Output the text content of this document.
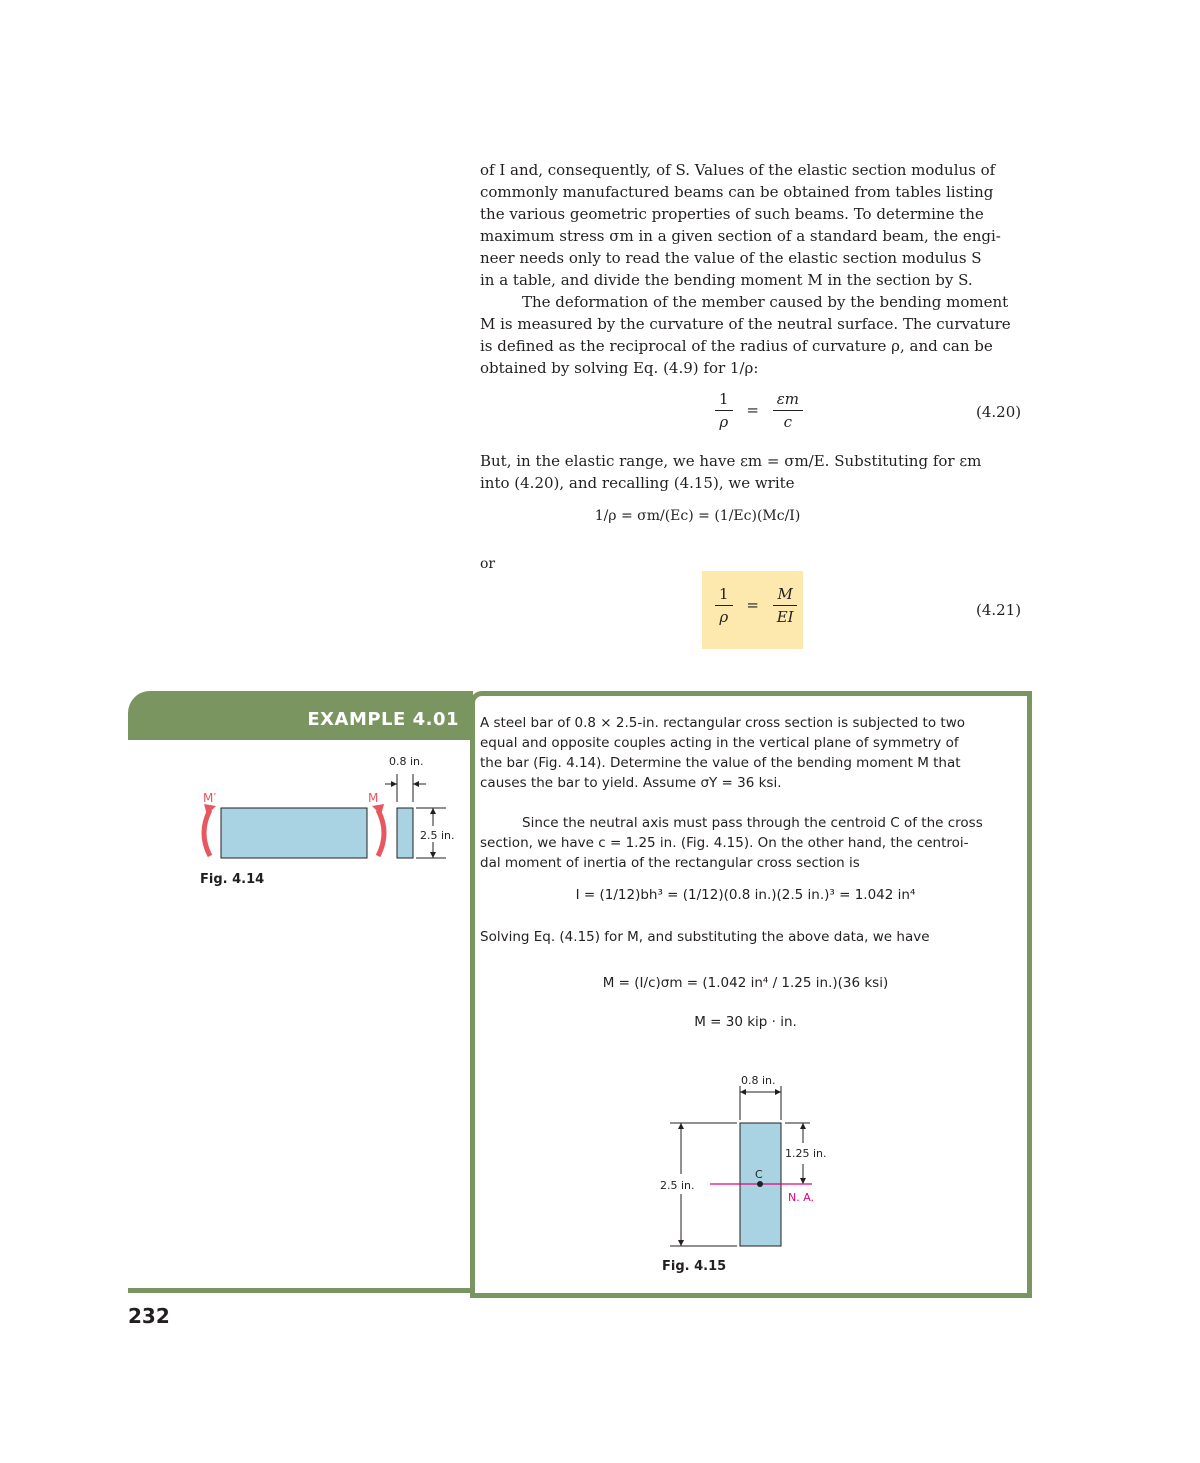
of I and, consequently, of S. Values of the elastic section modulus of

commonly manufactured beams can be obtained from tables listing

the various geometric properties of such beams. To determine the

maximum stress σm in a given section of a standard beam, the engi-

neer needs only to read the value of the elastic section modulus S

in a table, and divide the bending moment M in the section by S.

The deformation of the member caused by the bending moment

M is measured by the curvature of the neutral surface. The curvature

is defined as the reciprocal of the radius of curvature ρ, and can be

obtained by solving Eq. (4.9) for 1/ρ:

$\frac{1}{\rho} = \frac{\varepsilon m}{c}$	(4.20)

But, in the elastic range, we have εm = σm/E. Substituting for εm

into (4.20), and recalling (4.15), we write

1/ρ = σm/(Ec) = (1/Ec)(Mc/I)
or
$\frac{1}{\rho} = \frac{M}{EI}$	(4.21)
EXAMPLE 4.01 A steel bar of 0.8 × 2.5-in. rectangular cross section is subjected to two

equal and opposite couples acting in the vertical plane of symmetry of

the bar (Fig. 4.14). Determine the value of the bending moment M that

causes the bar to yield. Assume σY = 36 ksi.

Since the neutral axis must pass through the centroid C of the cross

section, we have c = 1.25 in. (Fig. 4.15). On the other hand, the centroi-

dal moment of inertia of the rectangular cross section is

I = (1/12)bh³ = (1/12)(0.8 in.)(2.5 in.)³ = 1.042 in⁴
Solving Eq. (4.15) for M, and substituting the above data, we have
M = (I/c)σm = (1.042 in⁴ / 1.25 in.)(36 ksi)
M = 30 kip · in.
M′	M
0.8 in.
2.5 in.
Fig. 4.14
0.8 in.
2.5 in.
1.25 in.
C
N. A.
Fig. 4.15
232
